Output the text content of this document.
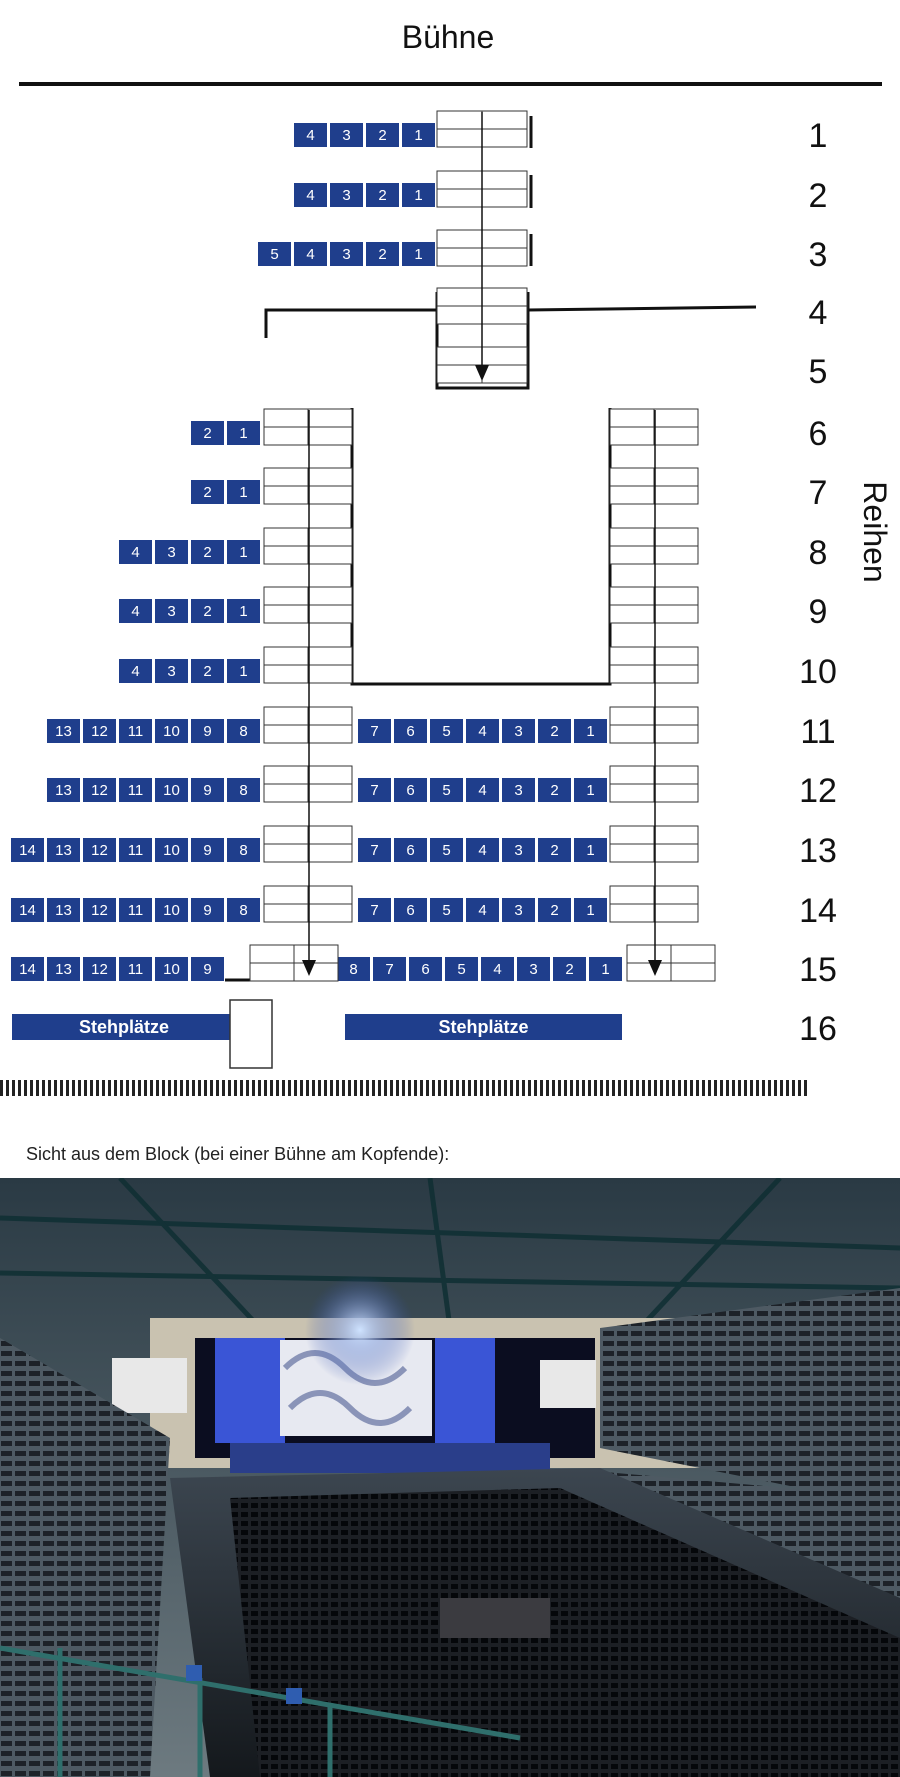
Bühne
Reihen
1
2
3
4
5
6
7
8
9
10
11
12
13
14
15
16
4 3 2 1
4 3 2 1
5 4 3 2 1
2 1
2 1
4 3 2 1
4 3 2 1
4 3 2 1
13 12 11 10 9 8	7 6 5 4 3 2 1
13 12 11 10 9 8	7 6 5 4 3 2 1
14 13 12 11 10 9 8	7 6 5 4 3 2 1
14 13 12 11 10 9 8	7 6 5 4 3 2 1
14 13 12 11 10 9	8 7 6 5 4 3 2 1
Stehplätze	Stehplätze
Sicht aus dem Block (bei einer Bühne am Kopfende):
